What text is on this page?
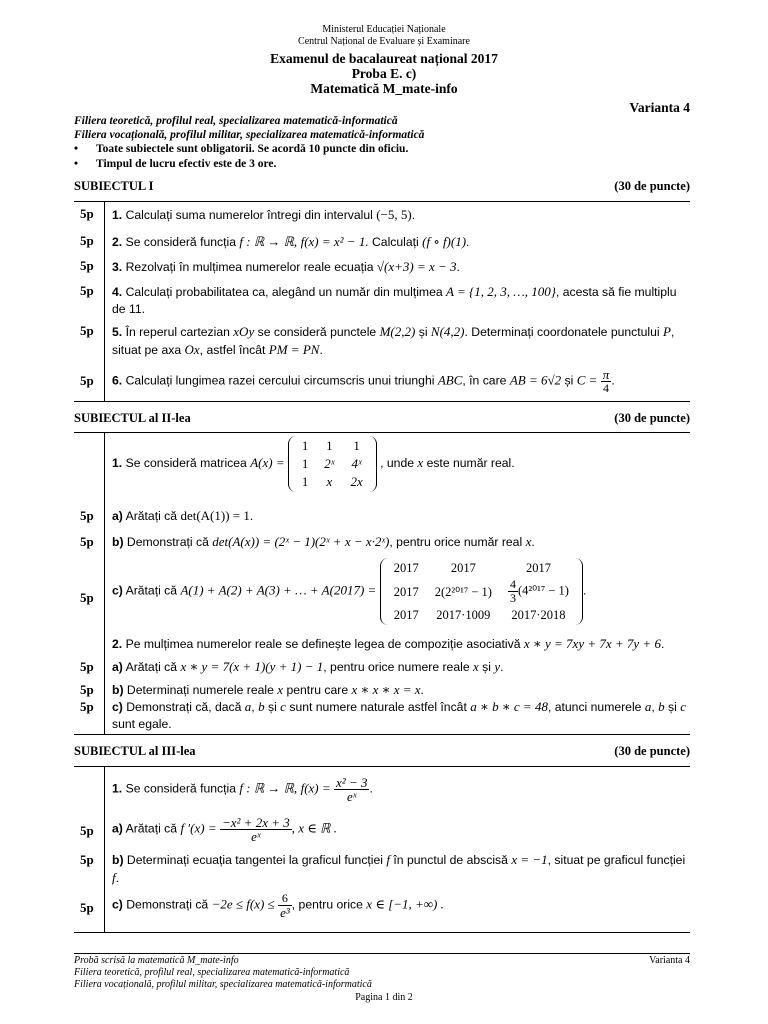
Ministerul Educației Naționale
Centrul Național de Evaluare și Examinare
Examenul de bacalaureat național 2017
Proba E. c)
Matematică M_mate-info
Varianta 4
Filiera teoretică, profilul real, specializarea matematică-informatică
Filiera vocațională, profilul militar, specializarea matematică-informatică
• Toate subiectele sunt obligatorii. Se acordă 10 puncte din oficiu.
• Timpul de lucru efectiv este de 3 ore.
SUBIECTUL I	(30 de puncte)
5p 1. Calculați suma numerelor întregi din intervalul (−5, 5).
5p 2. Se consideră funcția f : ℝ → ℝ, f(x) = x² − 1. Calculați (f ∘ f)(1).
5p 3. Rezolvați în mulțimea numerelor reale ecuația √(x+3) = x − 3.
5p 4. Calculați probabilitatea ca, alegând un număr din mulțimea A = {1, 2, 3, …, 100}, acesta să fie multiplu de 11.
5p 5. În reperul cartezian xOy se consideră punctele M(2,2) și N(4,2). Determinați coordonatele punctului P, situat pe axa Ox, astfel încât PM = PN.
5p 6. Calculați lungimea razei cercului circumscris unui triunghi ABC, în care AB = 6√2 și $C = \frac{\pi}{4}$ .
SUBIECTUL al II-lea	(30 de puncte)
1. Se consideră matricea A(x) =
1	1	1
1	2ˣ	4ˣ
1	x	2x
, unde x este număr real.
5p a) Arătați că det(A(1)) = 1.
5p b) Demonstrați că det(A(x)) = (2ˣ − 1)(2ˣ + x − x·2ˣ), pentru orice număr real x.
5p c) Arătați că A(1) + A(2) + A(3) + … + A(2017) =
2017	2017	2017
2017	2(2²⁰¹⁷ − 1)	$\frac{4}{3} (4^{2017} - 1)$
2017	2017·1009	2017·2018
.
2. Pe mulțimea numerelor reale se definește legea de compoziție asociativă x ∗ y = 7xy + 7x + 7y + 6.
5p a) Arătați că x ∗ y = 7(x + 1)(y + 1) − 1, pentru orice numere reale x și y.
5p b) Determinați numerele reale x pentru care x ∗ x ∗ x = x.
5p c) Demonstrați că, dacă a, b și c sunt numere naturale astfel încât a ∗ b ∗ c = 48, atunci numerele a, b și c sunt egale.
SUBIECTUL al III-lea	(30 de puncte)
1. Se consideră funcția f : ℝ → ℝ, $f(x) = \frac{\text{x² − 3}}{\text{eˣ}}$ .
5p a) Arătați că f $'(x) = \frac{\text{−x² + 2x + 3}}{\text{eˣ}}$ , x ∈ ℝ .
5p b) Determinați ecuația tangentei la graficul funcției f în punctul de abscisă x = −1, situat pe graficul funcției f.
5p c) Demonstrați că $-2e \le f(x) \le \frac{6}{\text{e³}}$ , pentru orice x ∈ [−1, +∞) .
Probă scrisă la matematică M_mate-info	Varianta 4
Filiera teoretică, profilul real, specializarea matematică-informatică
Filiera vocațională, profilul militar, specializarea matematică-informatică
Pagina 1 din 2
